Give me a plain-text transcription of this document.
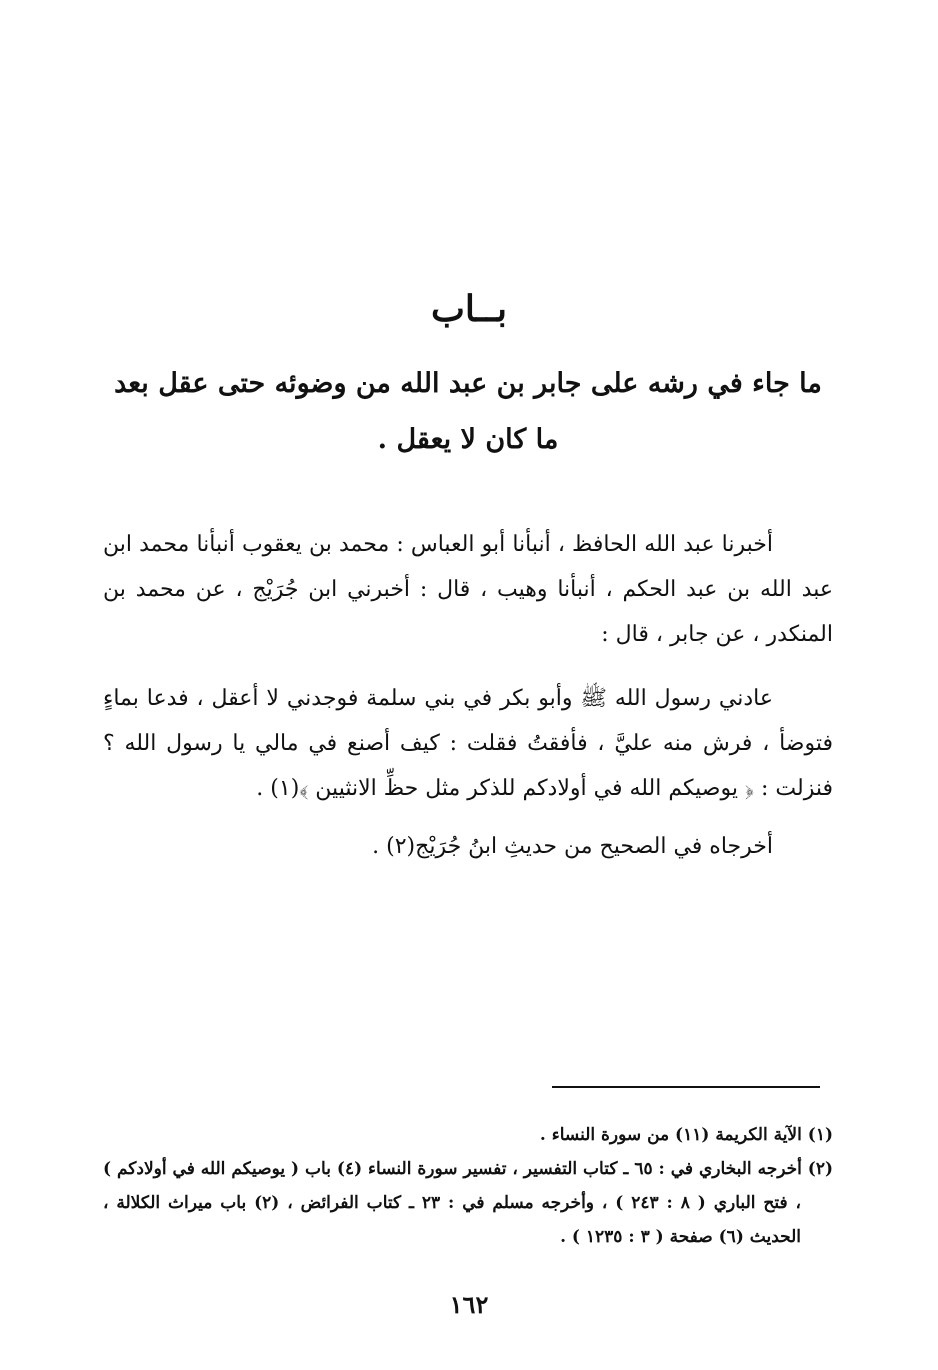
بــاب
ما جاء في رشه على جابر بن عبد الله من وضوئه حتى عقل بعد ما كان لا يعقل .

أخبرنا عبد الله الحافظ ، أنبأنا أبو العباس : محمد بن يعقوب أنبأنا محمد ابن عبد الله بن عبد الحكم ، أنبأنا وهيب ، قال : أخبرني ابن جُرَيْج ، عن محمد بن المنكدر ، عن جابر ، قال :

عادني رسول الله ﷺ وأبو بكر في بني سلمة فوجدني لا أعقل ، فدعا بماءٍ فتوضأ ، فرش منه عليَّ ، فأفقتُ فقلت : كيف أصنع في مالي يا رسول الله ؟ فنزلت : ﴿ يوصيكم الله في أولادكم للذكر مثل حظِّ الانثيين ﴾(١) .

أخرجاه في الصحيح من حديثِ ابنُ جُرَيْج(٢) .

(١) الآية الكريمة (١١) من سورة النساء .

(٢) أخرجه البخاري في : ٦٥ ـ كتاب التفسير ، تفسير سورة النساء (٤) باب ( يوصيكم الله في أولادكم ) ، فتح الباري ( ٨ : ٢٤٣ ) ، وأخرجه مسلم في : ٢٣ ـ كتاب الفرائض ، (٢) باب ميراث الكلالة ، الحديث (٦) صفحة ( ٣ : ١٢٣٥ ) .

١٦٢
